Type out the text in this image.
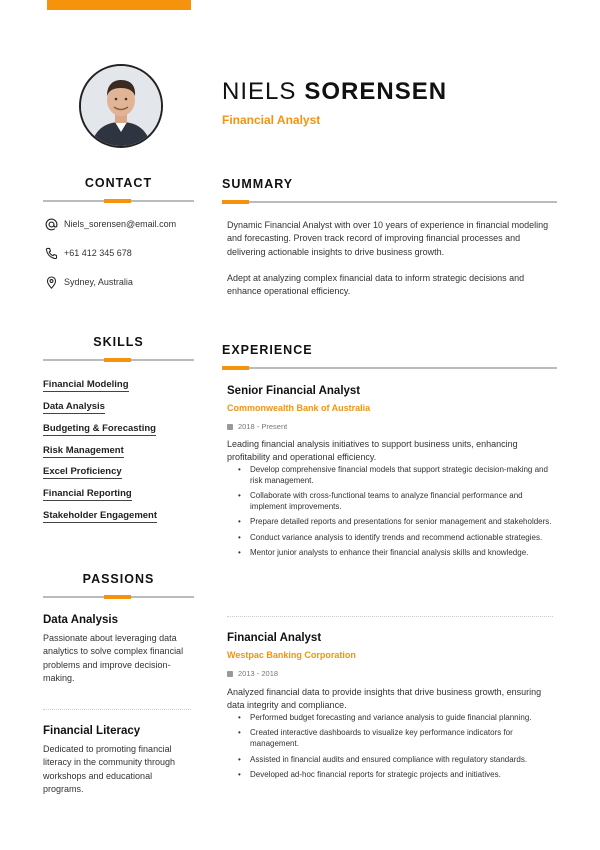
CONTACT
Niels_sorensen@email.com
+61 412 345 678
Sydney, Australia
SKILLS
Financial Modeling
Data Analysis
Budgeting & Forecasting
Risk Management
Excel Proficiency
Financial Reporting
Stakeholder Engagement
PASSIONS
Data Analysis
Passionate about leveraging data analytics to solve complex financial problems and improve decision-making.
Financial Literacy
Dedicated to promoting financial literacy in the community through workshops and educational programs.
NIELS SORENSEN
Financial Analyst
SUMMARY
Dynamic Financial Analyst with over 10 years of experience in financial modeling and forecasting. Proven track record of improving financial processes and delivering actionable insights to drive business growth.
Adept at analyzing complex financial data to inform strategic decisions and enhance operational efficiency.
EXPERIENCE
Senior Financial Analyst
Commonwealth Bank of Australia
2018 - Present
Leading financial analysis initiatives to support business units, enhancing profitability and operational efficiency.
• Develop comprehensive financial models that support strategic decision-making and risk management.
• Collaborate with cross-functional teams to analyze financial performance and implement improvements.
• Prepare detailed reports and presentations for senior management and stakeholders.
• Conduct variance analysis to identify trends and recommend actionable strategies.
• Mentor junior analysts to enhance their financial analysis skills and knowledge.
Financial Analyst
Westpac Banking Corporation
2013 - 2018
Analyzed financial data to provide insights that drive business growth, ensuring data integrity and compliance.
• Performed budget forecasting and variance analysis to guide financial planning.
• Created interactive dashboards to visualize key performance indicators for management.
• Assisted in financial audits and ensured compliance with regulatory standards.
• Developed ad-hoc financial reports for strategic projects and initiatives.
